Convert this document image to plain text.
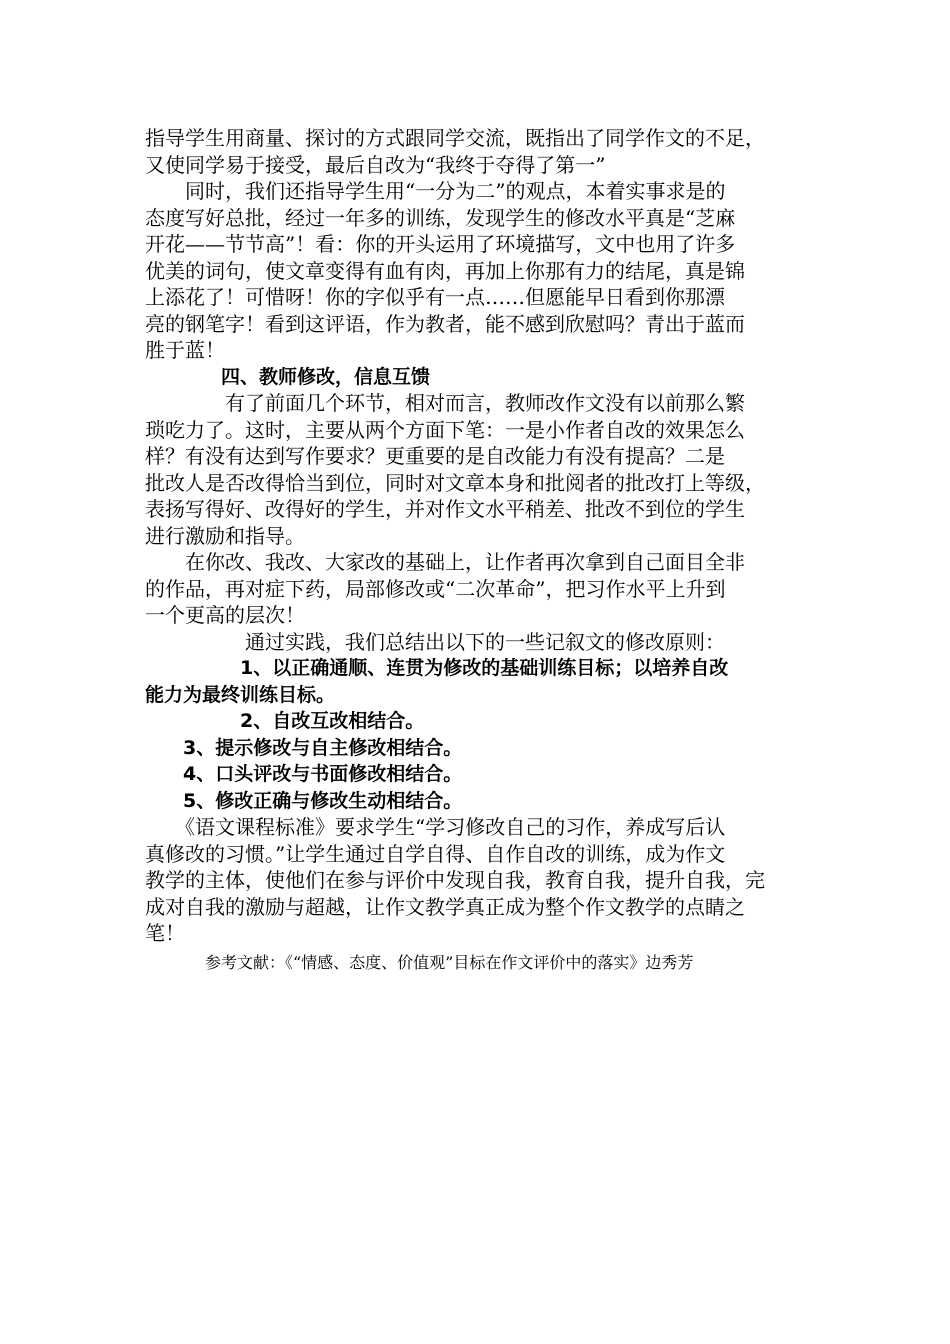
指导学生用商量、探讨的方式跟同学交流，既指出了同学作文的不足，
又使同学易于接受，最后自改为“我终于夺得了第一”
　　同时，我们还指导学生用“一分为二”的观点，本着实事求是的
态度写好总批，经过一年多的训练，发现学生的修改水平真是“芝麻
开花——节节高”！看：你的开头运用了环境描写，文中也用了许多
优美的词句，使文章变得有血有肉，再加上你那有力的结尾，真是锦
上添花了！可惜呀！你的字似乎有一点……但愿能早日看到你那漂
亮的钢笔字！看到这评语，作为教者，能不感到欣慰吗？青出于蓝而
胜于蓝！
　　　　四、教师修改，信息互馈
　　　　有了前面几个环节，相对而言，教师改作文没有以前那么繁
琐吃力了。这时，主要从两个方面下笔：一是小作者自改的效果怎么
样？有没有达到写作要求？更重要的是自改能力有没有提高？二是
批改人是否改得恰当到位，同时对文章本身和批阅者的批改打上等级，
表扬写得好、改得好的学生，并对作文水平稍差、批改不到位的学生
进行激励和指导。
　　在你改、我改、大家改的基础上，让作者再次拿到自己面目全非
的作品，再对症下药，局部修改或“二次革命”，把习作水平上升到
一个更高的层次！
　　　　　通过实践，我们总结出以下的一些记叙文的修改原则：
　　　　　1、以正确通顺、连贯为修改的基础训练目标；以培养自改
能力为最终训练目标。
　　　　　2、自改互改相结合。
　　3、提示修改与自主修改相结合。
　　4、口头评改与书面修改相结合。
　　5、修改正确与修改生动相结合。
　　《语文课程标准》要求学生“学习修改自己的习作，养成写后认
真修改的习惯。”让学生通过自学自得、自作自改的训练，成为作文
教学的主体，使他们在参与评价中发现自我，教育自我，提升自我，完
成对自我的激励与超越，让作文教学真正成为整个作文教学的点睛之
笔！
参考文献：《“情感、态度、价值观”目标在作文评价中的落实》边秀芳
